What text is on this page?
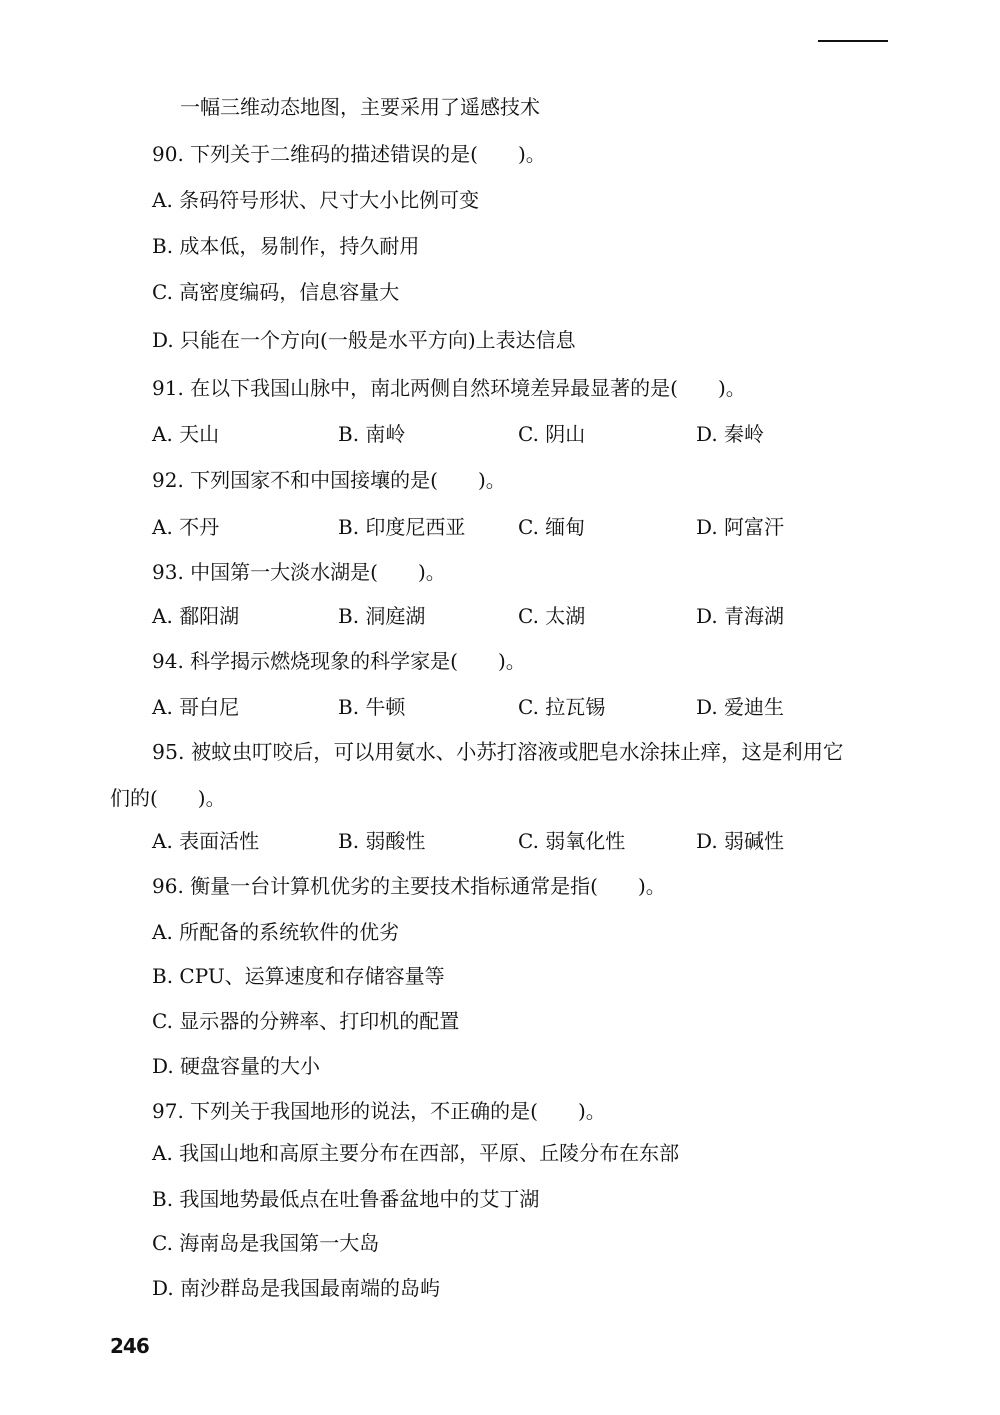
一幅三维动态地图，主要采用了遥感技术
90. 下列关于二维码的描述错误的是(　　)。
A. 条码符号形状、尺寸大小比例可变
B. 成本低，易制作，持久耐用
C. 高密度编码，信息容量大
D. 只能在一个方向(一般是水平方向)上表达信息
91. 在以下我国山脉中，南北两侧自然环境差异最显著的是(　　)。
A. 天山	B. 南岭	C. 阴山	D. 秦岭
92. 下列国家不和中国接壤的是(　　)。
A. 不丹	B. 印度尼西亚	C. 缅甸	D. 阿富汗
93. 中国第一大淡水湖是(　　)。
A. 鄱阳湖	B. 洞庭湖	C. 太湖	D. 青海湖
94. 科学揭示燃烧现象的科学家是(　　)。
A. 哥白尼	B. 牛顿	C. 拉瓦锡	D. 爱迪生
95. 被蚊虫叮咬后，可以用氨水、小苏打溶液或肥皂水涂抹止痒，这是利用它
们的(　　)。
A. 表面活性	B. 弱酸性	C. 弱氧化性	D. 弱碱性
96. 衡量一台计算机优劣的主要技术指标通常是指(　　)。
A. 所配备的系统软件的优劣
B. CPU、运算速度和存储容量等
C. 显示器的分辨率、打印机的配置
D. 硬盘容量的大小
97. 下列关于我国地形的说法，不正确的是(　　)。
A. 我国山地和高原主要分布在西部，平原、丘陵分布在东部
B. 我国地势最低点在吐鲁番盆地中的艾丁湖
C. 海南岛是我国第一大岛
D. 南沙群岛是我国最南端的岛屿
246
